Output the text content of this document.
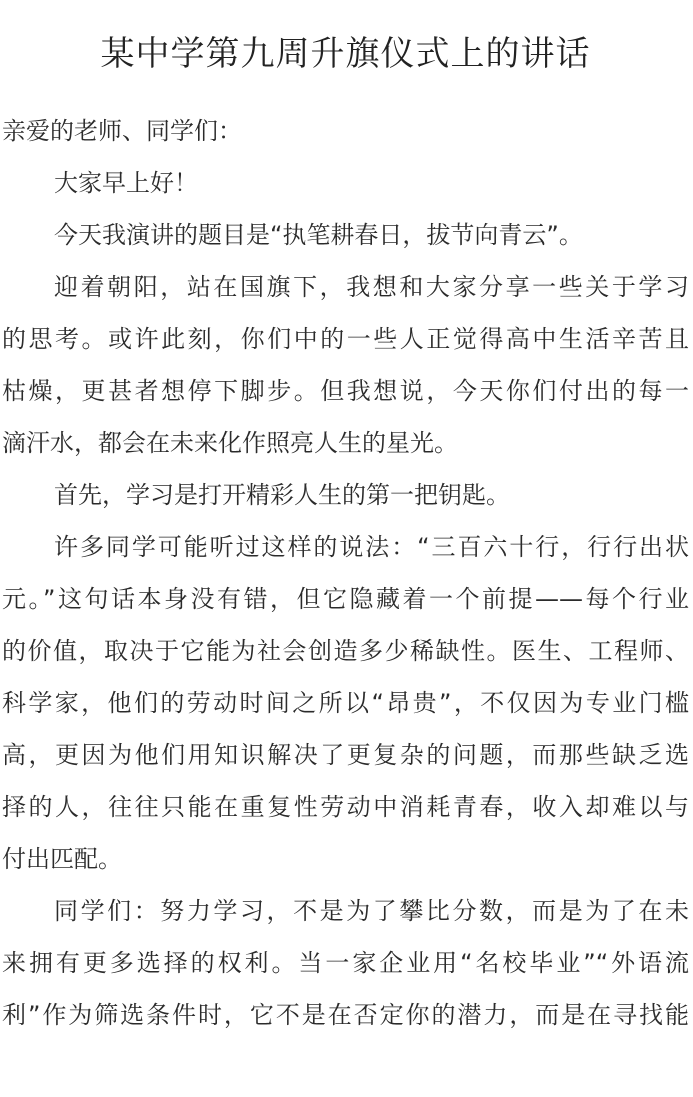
某中学第九周升旗仪式上的讲话
亲爱的老师、同学们：
大家早上好！
今天我演讲的题目是“执笔耕春日，拔节向青云”。
迎着朝阳，站在国旗下，我想和大家分享一些关于学习
的思考。或许此刻，你们中的一些人正觉得高中生活辛苦且
枯燥，更甚者想停下脚步。但我想说，今天你们付出的每一
滴汗水，都会在未来化作照亮人生的星光。
首先，学习是打开精彩人生的第一把钥匙。
许多同学可能听过这样的说法：“三百六十行，行行出状
元。”这句话本身没有错，但它隐藏着一个前提——每个行业
的价值，取决于它能为社会创造多少稀缺性。医生、工程师、
科学家，他们的劳动时间之所以“昂贵”，不仅因为专业门槛
高，更因为他们用知识解决了更复杂的问题，而那些缺乏选
择的人，往往只能在重复性劳动中消耗青春，收入却难以与
付出匹配。
同学们：努力学习，不是为了攀比分数，而是为了在未
来拥有更多选择的权利。当一家企业用“名校毕业”“外语流
利”作为筛选条件时，它不是在否定你的潜力，而是在寻找能
